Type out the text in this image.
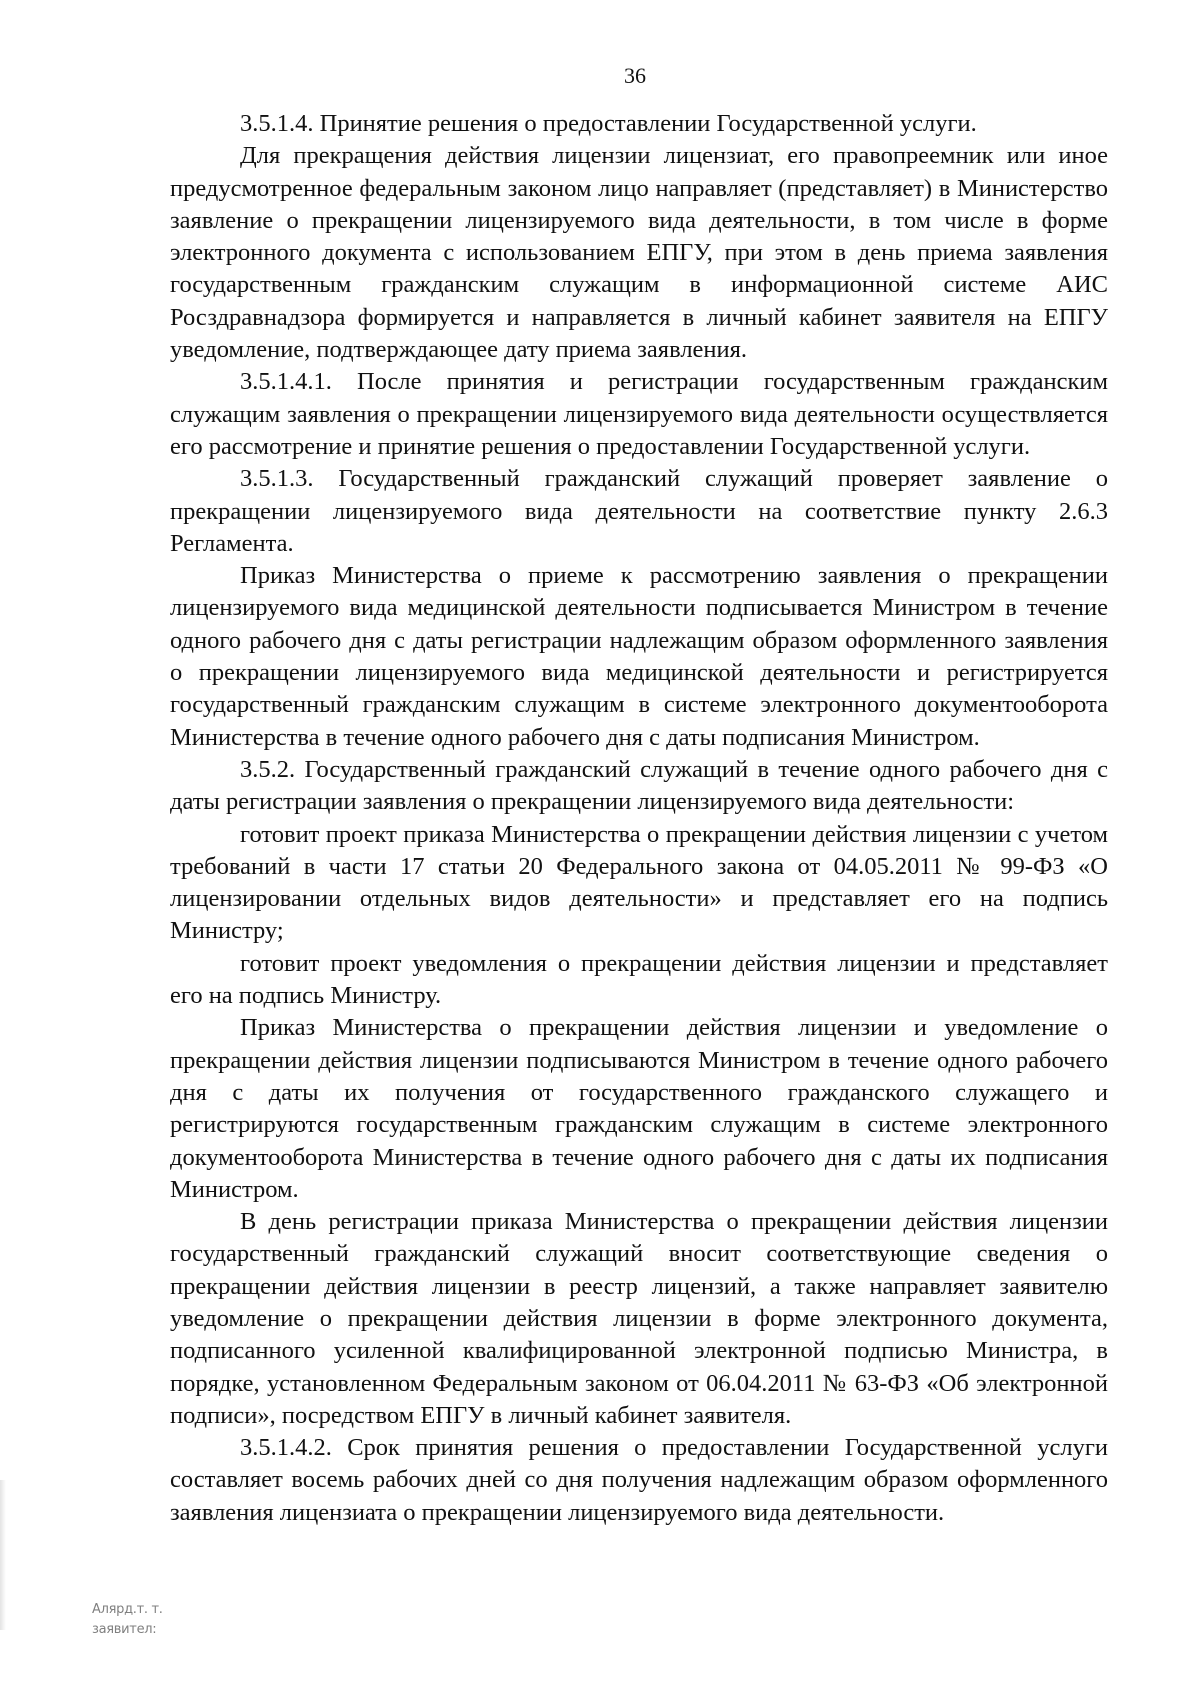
36

3.5.1.4. Принятие решения о предоставлении Государственной услуги.

Для прекращения действия лицензии лицензиат, его правопреемник или иное предусмотренное федеральным законом лицо направляет (представляет) в Министерство заявление о прекращении лицензируемого вида деятельности, в том числе в форме электронного документа с использованием ЕПГУ, при этом в день приема заявления государственным гражданским служащим в информационной системе АИС Росздравнадзора формируется и направляется в личный кабинет заявителя на ЕПГУ уведомление, подтверждающее дату приема заявления.

3.5.1.4.1. После принятия и регистрации государственным гражданским служащим заявления о прекращении лицензируемого вида деятельности осуществляется его рассмотрение и принятие решения о предоставлении Государственной услуги.

3.5.1.3. Государственный гражданский служащий проверяет заявление о прекращении лицензируемого вида деятельности на соответствие пункту 2.6.3 Регламента.

Приказ Министерства о приеме к рассмотрению заявления о прекращении лицензируемого вида медицинской деятельности подписывается Министром в течение одного рабочего дня с даты регистрации надлежащим образом оформленного заявления о прекращении лицензируемого вида медицинской деятельности и регистрируется государственный гражданским служащим в системе электронного документооборота Министерства в течение одного рабочего дня с даты подписания Министром.

3.5.2. Государственный гражданский служащий в течение одного рабочего дня с даты регистрации заявления о прекращении лицензируемого вида деятельности:

готовит проект приказа Министерства о прекращении действия лицензии с учетом требований в части 17 статьи 20 Федерального закона от 04.05.2011 № 99-ФЗ «О лицензировании отдельных видов деятельности» и представляет его на подпись Министру;

готовит проект уведомления о прекращении действия лицензии и представляет его на подпись Министру.

Приказ Министерства о прекращении действия лицензии и уведомление о прекращении действия лицензии подписываются Министром в течение одного рабочего дня с даты их получения от государственного гражданского служащего и регистрируются государственным гражданским служащим в системе электронного документооборота Министерства в течение одного рабочего дня с даты их подписания Министром.

В день регистрации приказа Министерства о прекращении действия лицензии государственный гражданский служащий вносит соответствующие сведения о прекращении действия лицензии в реестр лицензий, а также направляет заявителю уведомление о прекращении действия лицензии в форме электронного документа, подписанного усиленной квалифицированной электронной подписью Министра, в порядке, установленном Федеральным законом от 06.04.2011 № 63-ФЗ «Об электронной подписи», посредством ЕПГУ в личный кабинет заявителя.

3.5.1.4.2. Срок принятия решения о предоставлении Государственной услуги составляет восемь рабочих дней со дня получения надлежащим образом оформленного заявления лицензиата о прекращении лицензируемого вида деятельности.

Алярд.т. т.
заявител:
